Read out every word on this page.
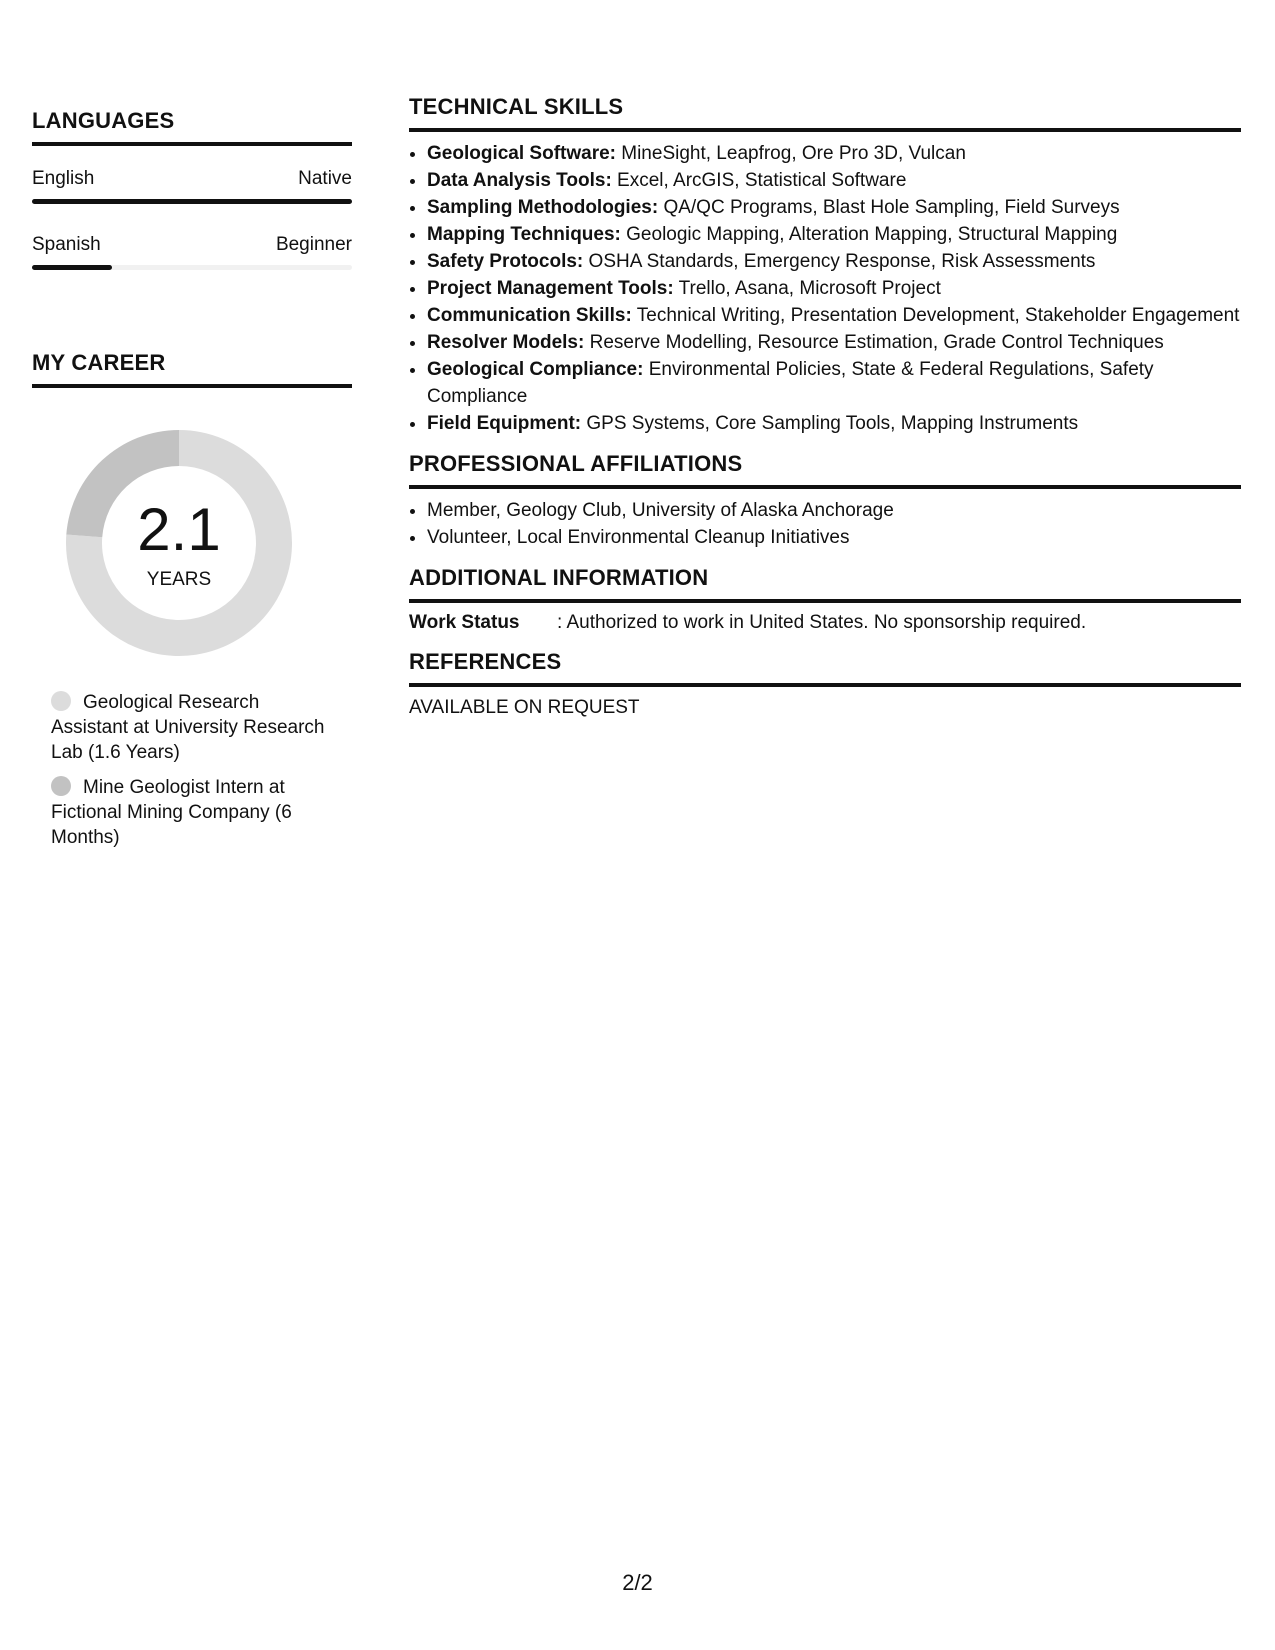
LANGUAGES
English	Native
Spanish	Beginner
MY CAREER
2.1
YEARS
Geological Research Assistant at University Research Lab (1.6 Years)
Mine Geologist Intern at Fictional Mining Company (6 Months)
TECHNICAL SKILLS
• Geological Software: MineSight, Leapfrog, Ore Pro 3D, Vulcan
• Data Analysis Tools: Excel, ArcGIS, Statistical Software
• Sampling Methodologies: QA/QC Programs, Blast Hole Sampling, Field Surveys
• Mapping Techniques: Geologic Mapping, Alteration Mapping, Structural Mapping
• Safety Protocols: OSHA Standards, Emergency Response, Risk Assessments
• Project Management Tools: Trello, Asana, Microsoft Project
• Communication Skills: Technical Writing, Presentation Development, Stakeholder Engagement
• Resolver Models: Reserve Modelling, Resource Estimation, Grade Control Techniques
• Geological Compliance: Environmental Policies, State & Federal Regulations, Safety Compliance
• Field Equipment: GPS Systems, Core Sampling Tools, Mapping Instruments
PROFESSIONAL AFFILIATIONS
• Member, Geology Club, University of Alaska Anchorage
• Volunteer, Local Environmental Cleanup Initiatives
ADDITIONAL INFORMATION
Work Status	: Authorized to work in United States. No sponsorship required.
REFERENCES
AVAILABLE ON REQUEST
2/2
